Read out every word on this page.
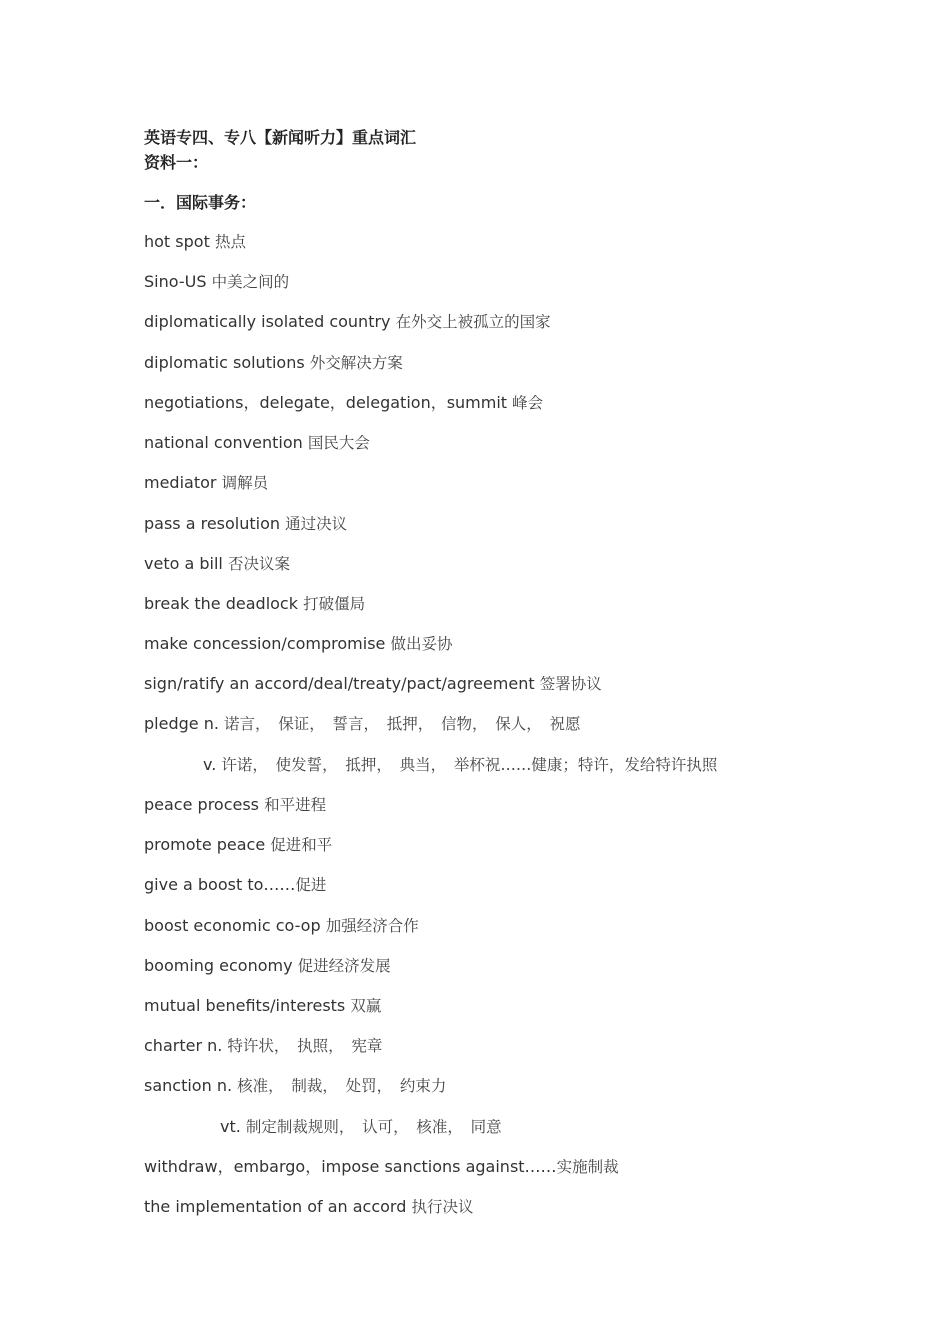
英语专四、专八【新闻听力】重点词汇
资料一：
一．国际事务：
hot spot 热点
Sino-US 中美之间的
diplomatically isolated country 在外交上被孤立的国家
diplomatic solutions 外交解决方案
negotiations，delegate，delegation，summit 峰会
national convention 国民大会
mediator 调解员
pass a resolution 通过决议
veto a bill 否决议案
break the deadlock 打破僵局
make concession/compromise 做出妥协
sign/ratify an accord/deal/treaty/pact/agreement 签署协议
pledge n. 诺言，　保证，　誓言，　抵押，　信物，　保人，　祝愿
v. 许诺，　使发誓，　抵押，　典当，　举杯祝……健康；特许，发给特许执照
peace process 和平进程
promote peace 促进和平
give a boost to……促进
boost economic co-op 加强经济合作
booming economy 促进经济发展
mutual benefits/interests 双赢
charter n. 特许状，　执照，　宪章
sanction n. 核准，　制裁，　处罚，　约束力
vt. 制定制裁规则，　认可，　核准，　同意
withdraw，embargo，impose sanctions against……实施制裁
the implementation of an accord 执行决议
